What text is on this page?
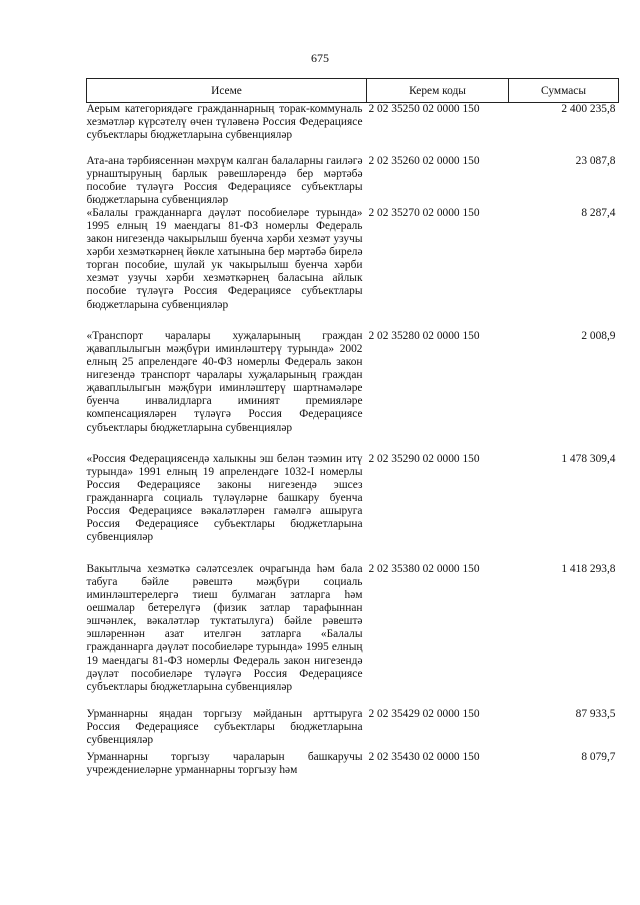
675
Исеме	Керем коды	Суммасы
Аерым категориядәге гражданнарның торак-коммуналь хезмәтләр күрсәтелү өчен түләвенә Россия Федерациясе субъектлары бюджетларына субвенцияләр	2 02 35250 02 0000 150	2 400 235,8
Ата-ана тәрбиясеннән мәхрүм калган балаларны гаиләгә урнаштыруның барлык рәвешләрендә бер мәртәбә пособие түләүгә Россия Федерациясе субъектлары бюджетларына субвенцияләр	2 02 35260 02 0000 150	23 087,8
«Балалы гражданнарга дәүләт пособиеләре турында» 1995 елның 19 маендагы 81-ФЗ номерлы Федераль закон нигезендә чакырылыш буенча хәрби хезмәт узучы хәрби хезмәткәрнең йөкле хатынына бер мәртәбә бирелә торган пособие, шулай ук чакырылыш буенча хәрби хезмәт узучы хәрби хезмәткәрнең баласына айлык пособие түләүгә Россия Федерациясе субъектлары бюджетларына субвенцияләр	2 02 35270 02 0000 150	8 287,4
«Транспорт чаралары хуҗаларының граждан җаваплылыгын мәҗбүри иминләштерү турында» 2002 елның 25 апрелендәге 40-ФЗ номерлы Федераль закон нигезендә транспорт чаралары хуҗаларының граждан җаваплылыгын мәҗбүри иминләштерү шартнамәләре буенча инвалидларга иминият премияләре компенсацияләрен түләүгә Россия Федерациясе субъектлары бюджетларына субвенцияләр	2 02 35280 02 0000 150	2 008,9
«Россия Федерациясендә халыкны эш белән тәэмин итү турында» 1991 елның 19 апрелендәге 1032-I номерлы Россия Федерациясе законы нигезендә эшсез гражданнарга социаль түләүләрне башкару буенча Россия Федерациясе вәкаләтләрен гамәлгә ашыруга Россия Федерациясе субъектлары бюджетларына субвенцияләр	2 02 35290 02 0000 150	1 478 309,4
Вакытлыча хезмәткә сәләтсезлек очрагында һәм бала табуга бәйле рәвештә мәҗбүри социаль иминләштерелергә тиеш булмаган затларга һәм оешмалар бетерелүгә (физик затлар тарафыннан эшчәнлек, вәкаләтләр туктатылуга) бәйле рәвештә эшләреннән азат ителгән затларга «Балалы гражданнарга дәүләт пособиеләре турында» 1995 елның 19 маендагы 81-ФЗ номерлы Федераль закон нигезендә дәүләт пособиеләре түләүгә Россия Федерациясе субъектлары бюджетларына субвенцияләр	2 02 35380 02 0000 150	1 418 293,8
Урманнарны яңадан торгызу мәйданын арттыруга Россия Федерациясе субъектлары бюджетларына субвенцияләр	2 02 35429 02 0000 150	87 933,5
Урманнарны торгызу чараларын башкаручы учреждениеләрне урманнарны торгызу һәм	2 02 35430 02 0000 150	8 079,7
